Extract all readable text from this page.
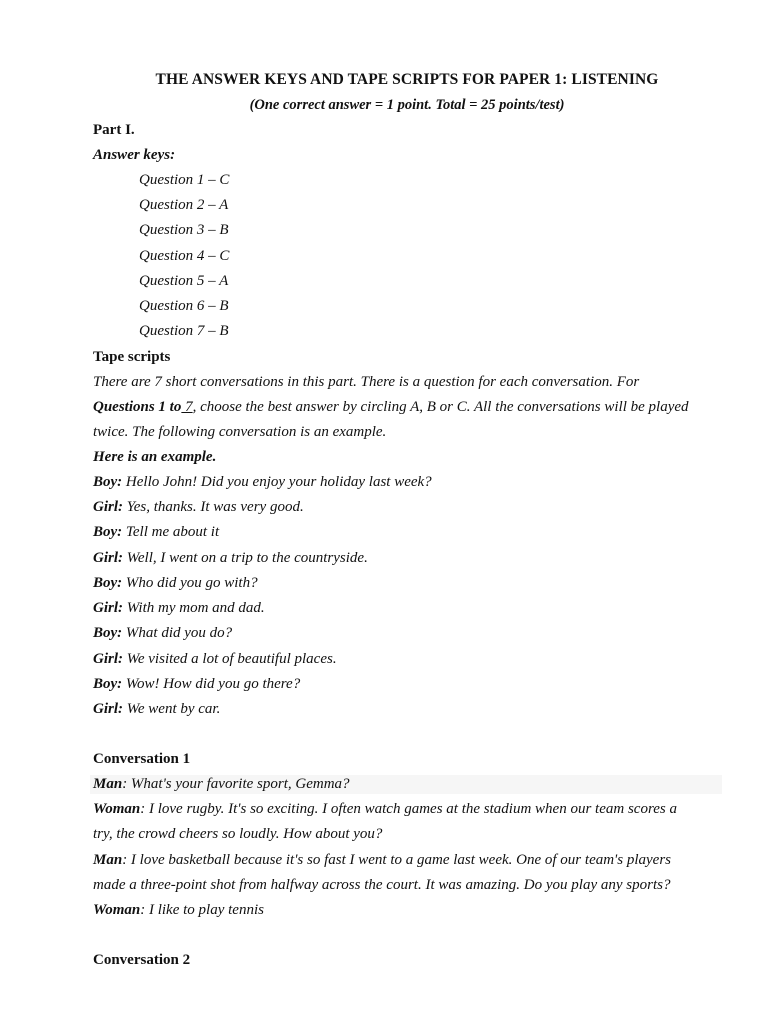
THE ANSWER KEYS AND TAPE SCRIPTS FOR PAPER 1: LISTENING
(One correct answer = 1 point. Total = 25 points/test)
Part I.
Answer keys:
Question 1 – C
Question 2 – A
Question 3 – B
Question 4 – C
Question 5 – A
Question 6 – B
Question 7 – B
Tape scripts
There are 7 short conversations in this part. There is a question for each conversation. For
Questions 1 to 7, choose the best answer by circling A, B or C. All the conversations will be played
twice. The following conversation is an example.
Here is an example.
Boy: Hello John! Did you enjoy your holiday last week?
Girl: Yes, thanks. It was very good.
Boy: Tell me about it
Girl: Well, I went on a trip to the countryside.
Boy: Who did you go with?
Girl: With my mom and dad.
Boy: What did you do?
Girl: We visited a lot of beautiful places.
Boy: Wow! How did you go there?
Girl: We went by car.
Conversation 1
Man: What's your favorite sport, Gemma?
Woman: I love rugby. It's so exciting. I often watch games at the stadium when our team scores a
try, the crowd cheers so loudly. How about you?
Man: I love basketball because it's so fast I went to a game last week. One of our team's players
made a three-point shot from halfway across the court. It was amazing. Do you play any sports?
Woman: I like to play tennis
Conversation 2
